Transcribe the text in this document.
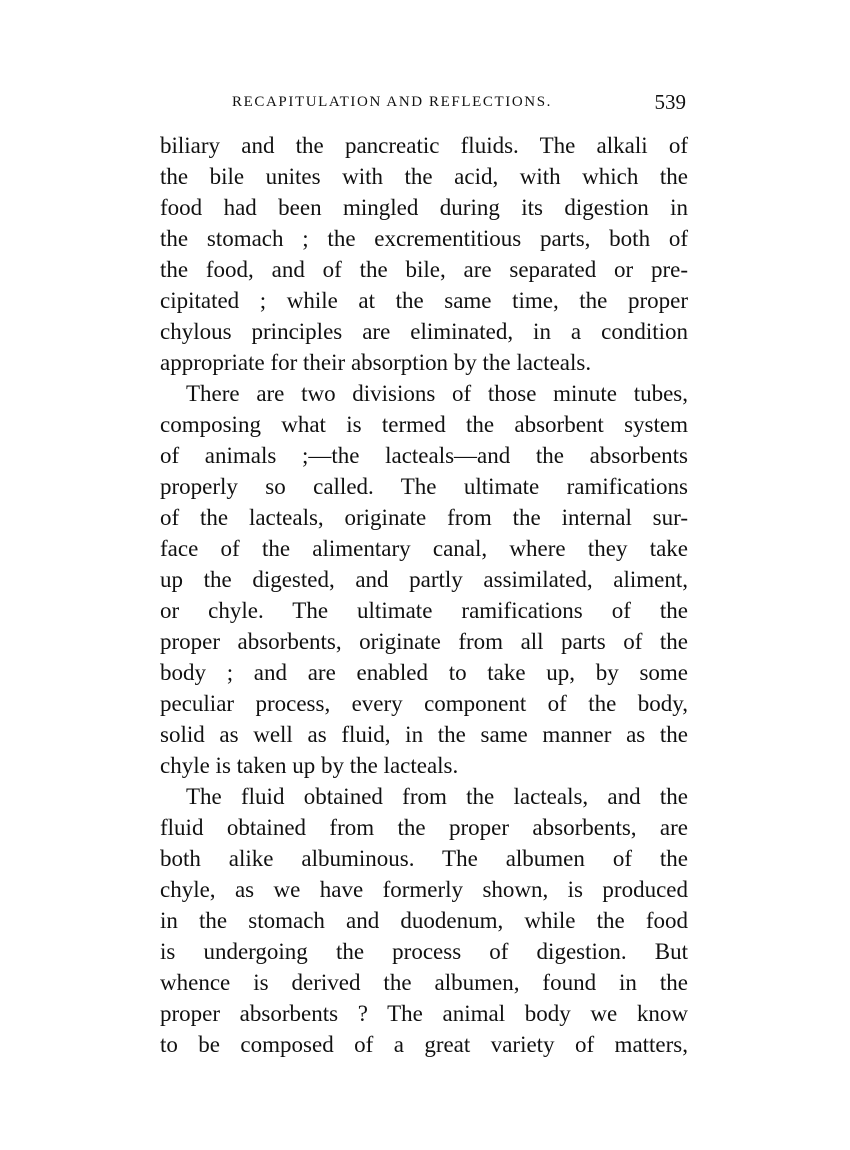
RECAPITULATION AND REFLECTIONS.	539
biliary and the pancreatic fluids. The alkali of
the bile unites with the acid, with which the
food had been mingled during its digestion in
the stomach ; the excrementitious parts, both of
the food, and of the bile, are separated or pre-
cipitated ; while at the same time, the proper
chylous principles are eliminated, in a condition
appropriate for their absorption by the lacteals.
There are two divisions of those minute tubes,
composing what is termed the absorbent system
of animals ;—the lacteals—and the absorbents
properly so called. The ultimate ramifications
of the lacteals, originate from the internal sur-
face of the alimentary canal, where they take
up the digested, and partly assimilated, aliment,
or chyle. The ultimate ramifications of the
proper absorbents, originate from all parts of the
body ; and are enabled to take up, by some
peculiar process, every component of the body,
solid as well as fluid, in the same manner as the
chyle is taken up by the lacteals.
The fluid obtained from the lacteals, and the
fluid obtained from the proper absorbents, are
both alike albuminous. The albumen of the
chyle, as we have formerly shown, is produced
in the stomach and duodenum, while the food
is undergoing the process of digestion. But
whence is derived the albumen, found in the
proper absorbents ? The animal body we know
to be composed of a great variety of matters,
